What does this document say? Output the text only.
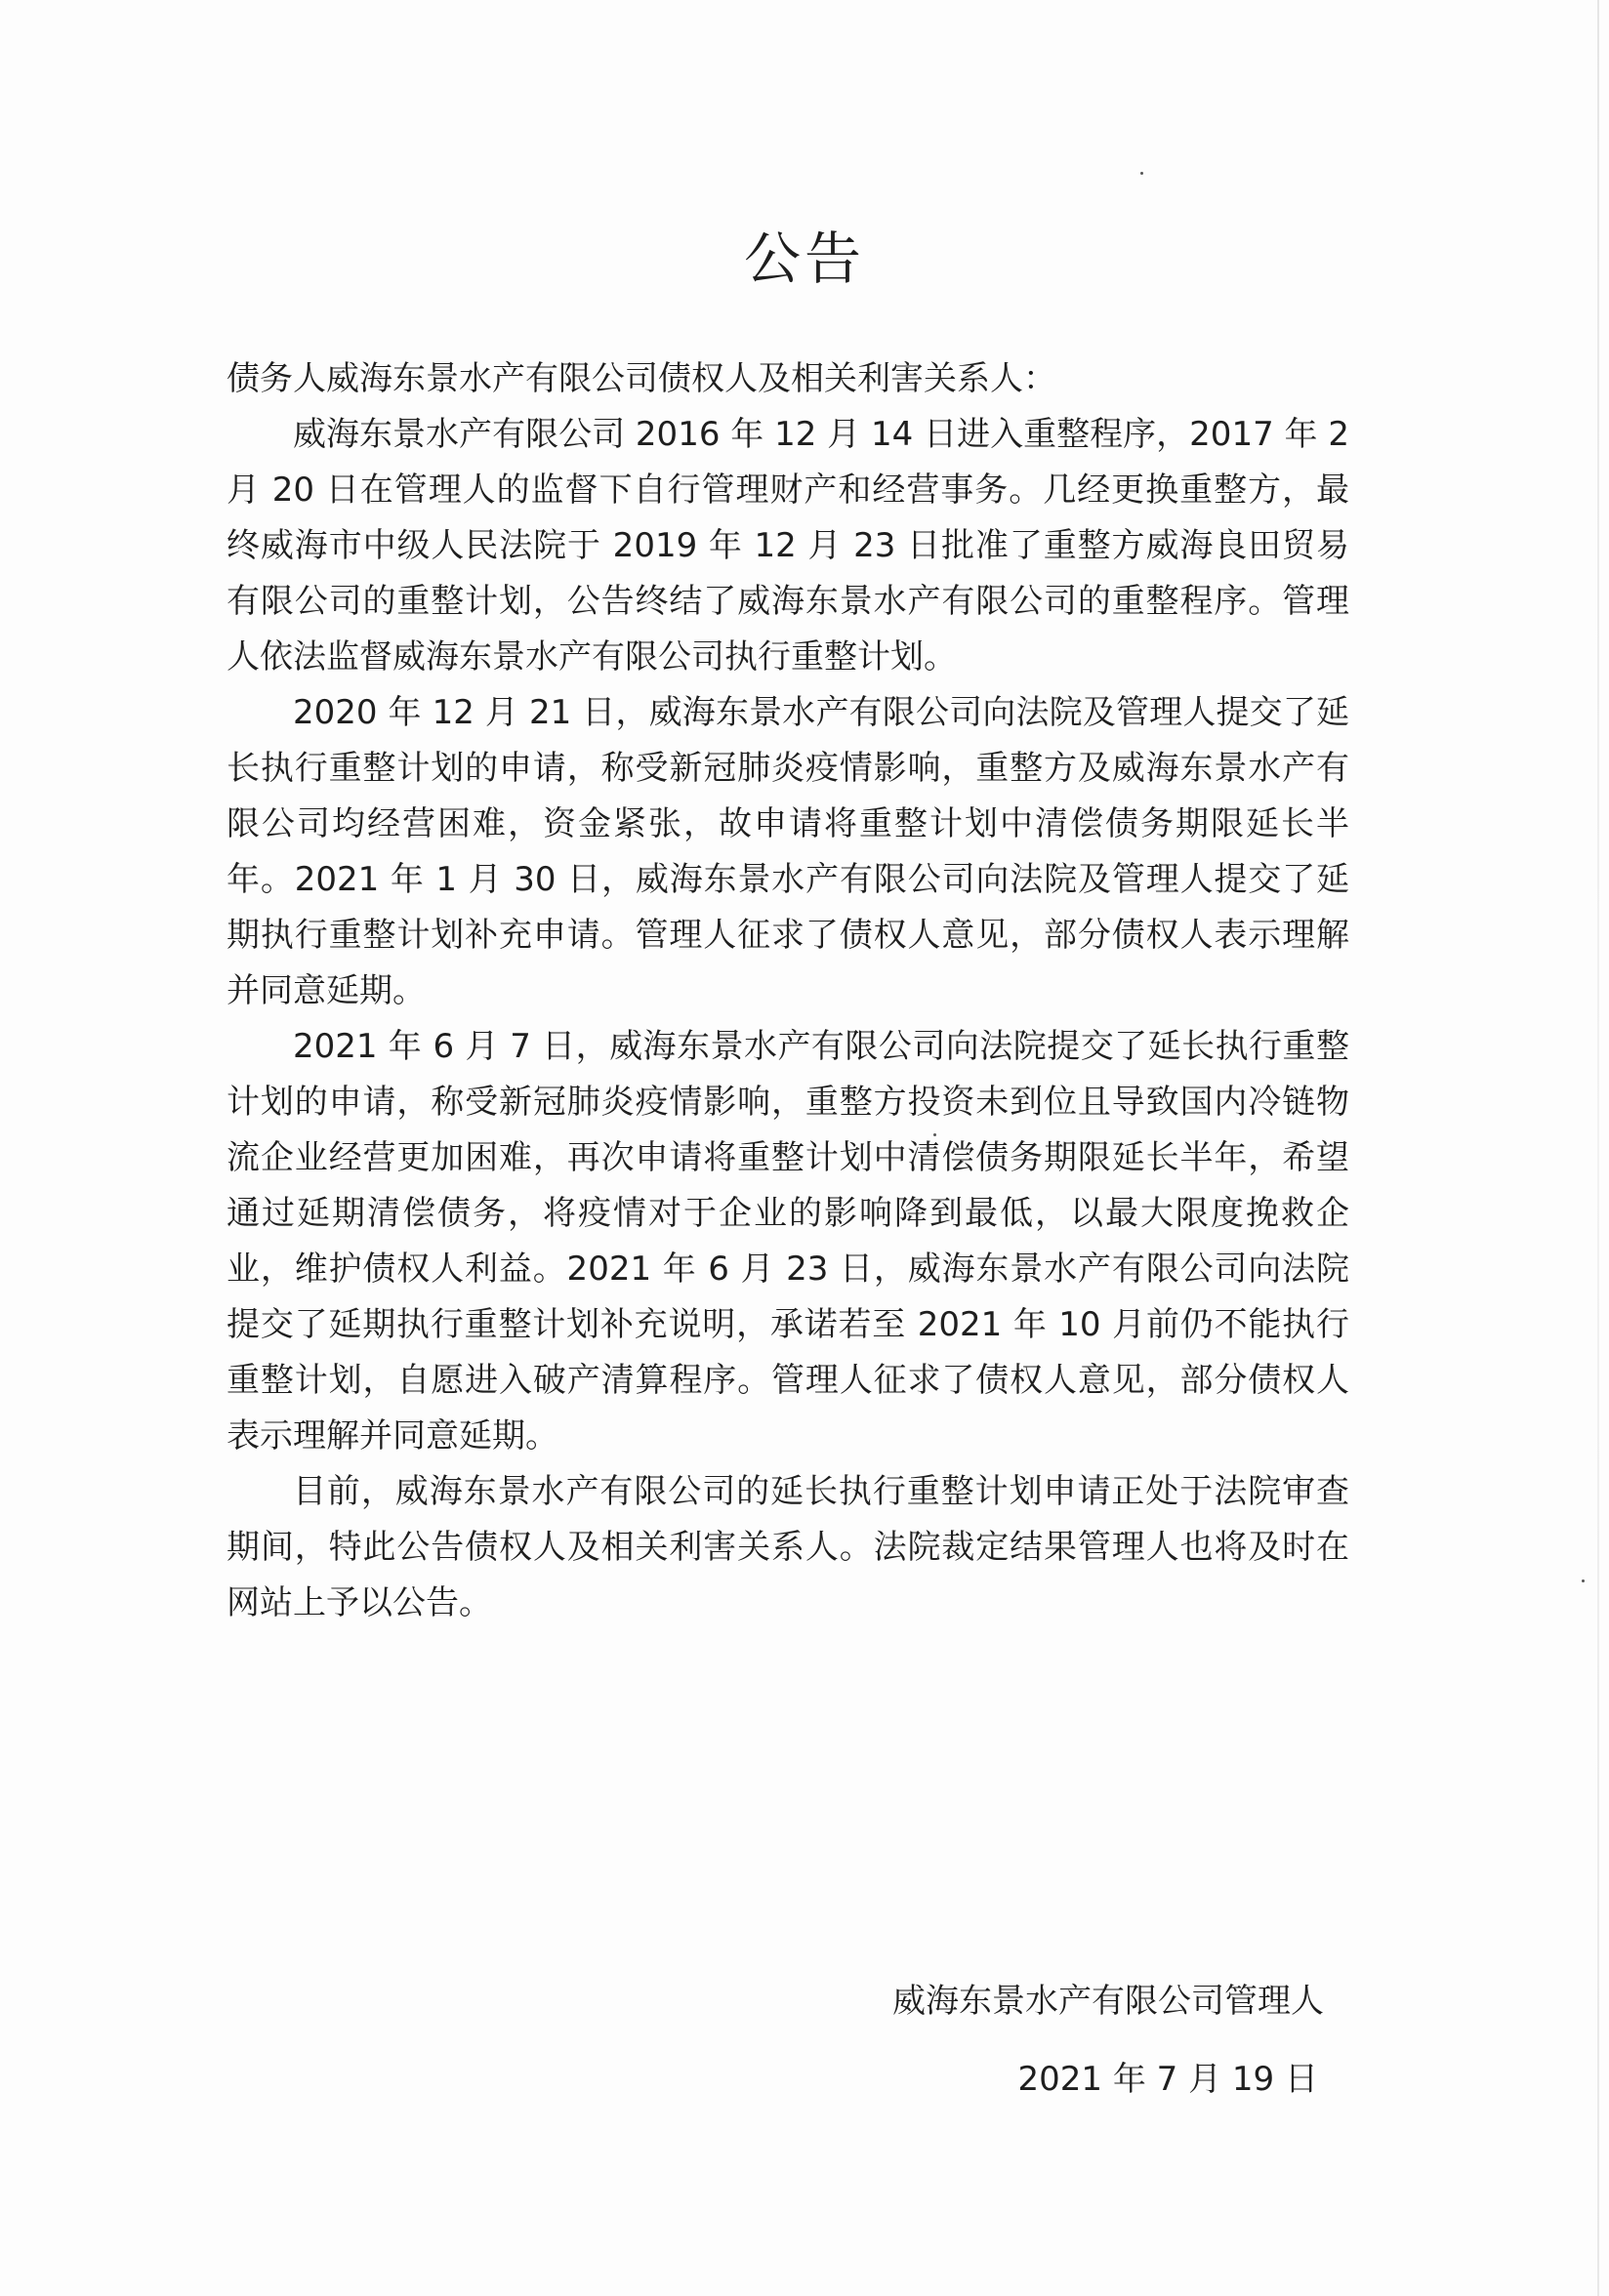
公告

债务人威海东景水产有限公司债权人及相关利害关系人：

威海东景水产有限公司 2016 年 12 月 14 日进入重整程序，2017 年 2 月 20 日在管理人的监督下自行管理财产和经营事务。几经更换重整方，最终威海市中级人民法院于 2019 年 12 月 23 日批准了重整方威海良田贸易有限公司的重整计划，公告终结了威海东景水产有限公司的重整程序。管理人依法监督威海东景水产有限公司执行重整计划。

2020 年 12 月 21 日，威海东景水产有限公司向法院及管理人提交了延长执行重整计划的申请，称受新冠肺炎疫情影响，重整方及威海东景水产有限公司均经营困难，资金紧张，故申请将重整计划中清偿债务期限延长半年。2021 年 1 月 30 日，威海东景水产有限公司向法院及管理人提交了延期执行重整计划补充申请。管理人征求了债权人意见，部分债权人表示理解并同意延期。

2021 年 6 月 7 日，威海东景水产有限公司向法院提交了延长执行重整计划的申请，称受新冠肺炎疫情影响，重整方投资未到位且导致国内冷链物流企业经营更加困难，再次申请将重整计划中清偿债务期限延长半年，希望通过延期清偿债务，将疫情对于企业的影响降到最低，以最大限度挽救企业，维护债权人利益。2021 年 6 月 23 日，威海东景水产有限公司向法院提交了延期执行重整计划补充说明，承诺若至 2021 年 10 月前仍不能执行重整计划，自愿进入破产清算程序。管理人征求了债权人意见，部分债权人表示理解并同意延期。

目前，威海东景水产有限公司的延长执行重整计划申请正处于法院审查期间，特此公告债权人及相关利害关系人。法院裁定结果管理人也将及时在网站上予以公告。

威海东景水产有限公司管理人
2021 年 7 月 19 日
